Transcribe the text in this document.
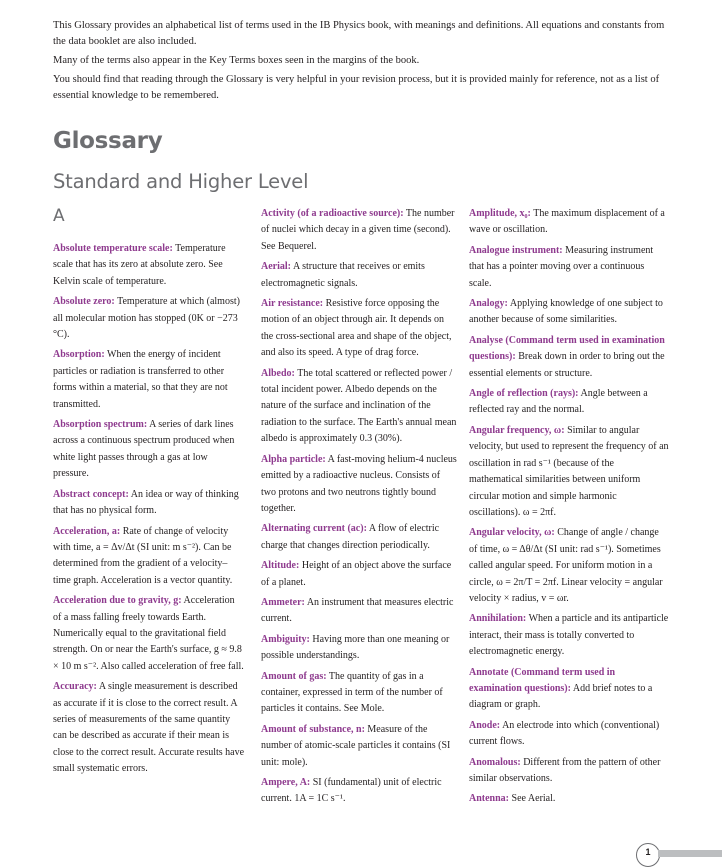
This Glossary provides an alphabetical list of terms used in the IB Physics book, with meanings and definitions. All equations and constants from the data booklet are also included.

Many of the terms also appear in the Key Terms boxes seen in the margins of the book.

You should find that reading through the Glossary is very helpful in your revision process, but it is provided mainly for reference, not as a list of essential knowledge to be remembered.

Glossary
Standard and Higher Level
A
Absolute temperature scale: Temperature scale that has its zero at absolute zero. See Kelvin scale of temperature.
Absolute zero: Temperature at which (almost) all molecular motion has stopped (0K or −273 °C).
Absorption: When the energy of incident particles or radiation is transferred to other forms within a material, so that they are not transmitted.
Absorption spectrum: A series of dark lines across a continuous spectrum produced when white light passes through a gas at low pressure.
Abstract concept: An idea or way of thinking that has no physical form.
Acceleration, a: Rate of change of velocity with time, a = Δv/Δt (SI unit: m s⁻²). Can be determined from the gradient of a velocity–time graph. Acceleration is a vector quantity.
Acceleration due to gravity, g: Acceleration of a mass falling freely towards Earth. Numerically equal to the gravitational field strength. On or near the Earth's surface, g ≈ 9.8 × 10 m s⁻². Also called acceleration of free fall.
Accuracy: A single measurement is described as accurate if it is close to the correct result. A series of measurements of the same quantity can be described as accurate if their mean is close to the correct result. Accurate results have small systematic errors.
Activity (of a radioactive source): The number of nuclei which decay in a given time (second). See Bequerel.
Aerial: A structure that receives or emits electromagnetic signals.
Air resistance: Resistive force opposing the motion of an object through air. It depends on the cross-sectional area and shape of the object, and also its speed. A type of drag force.
Albedo: The total scattered or reflected power / total incident power. Albedo depends on the nature of the surface and inclination of the radiation to the surface. The Earth's annual mean albedo is approximately 0.3 (30%).
Alpha particle: A fast-moving helium-4 nucleus emitted by a radioactive nucleus. Consists of two protons and two neutrons tightly bound together.
Alternating current (ac): A flow of electric charge that changes direction periodically.
Altitude: Height of an object above the surface of a planet.
Ammeter: An instrument that measures electric current.
Ambiguity: Having more than one meaning or possible understandings.
Amount of gas: The quantity of gas in a container, expressed in term of the number of particles it contains. See Mole.
Amount of substance, n: Measure of the number of atomic-scale particles it contains (SI unit: mole).
Ampere, A: SI (fundamental) unit of electric current. 1A = 1C s⁻¹.
Amplitude, x₀: The maximum displacement of a wave or oscillation.
Analogue instrument: Measuring instrument that has a pointer moving over a continuous scale.
Analogy: Applying knowledge of one subject to another because of some similarities.
Analyse (Command term used in examination questions): Break down in order to bring out the essential elements or structure.
Angle of reflection (rays): Angle between a reflected ray and the normal.
Angular frequency, ω: Similar to angular velocity, but used to represent the frequency of an oscillation in rad s⁻¹ (because of the mathematical similarities between uniform circular motion and simple harmonic oscillations). ω = 2πf.
Angular velocity, ω: Change of angle / change of time, ω = Δθ/Δt (SI unit: rad s⁻¹). Sometimes called angular speed. For uniform motion in a circle, ω = 2π/T = 2πf. Linear velocity = angular velocity × radius, v = ωr.
Annihilation: When a particle and its antiparticle interact, their mass is totally converted to electromagnetic energy.
Annotate (Command term used in examination questions): Add brief notes to a diagram or graph.
Anode: An electrode into which (conventional) current flows.
Anomalous: Different from the pattern of other similar observations.
Antenna: See Aerial.
1
